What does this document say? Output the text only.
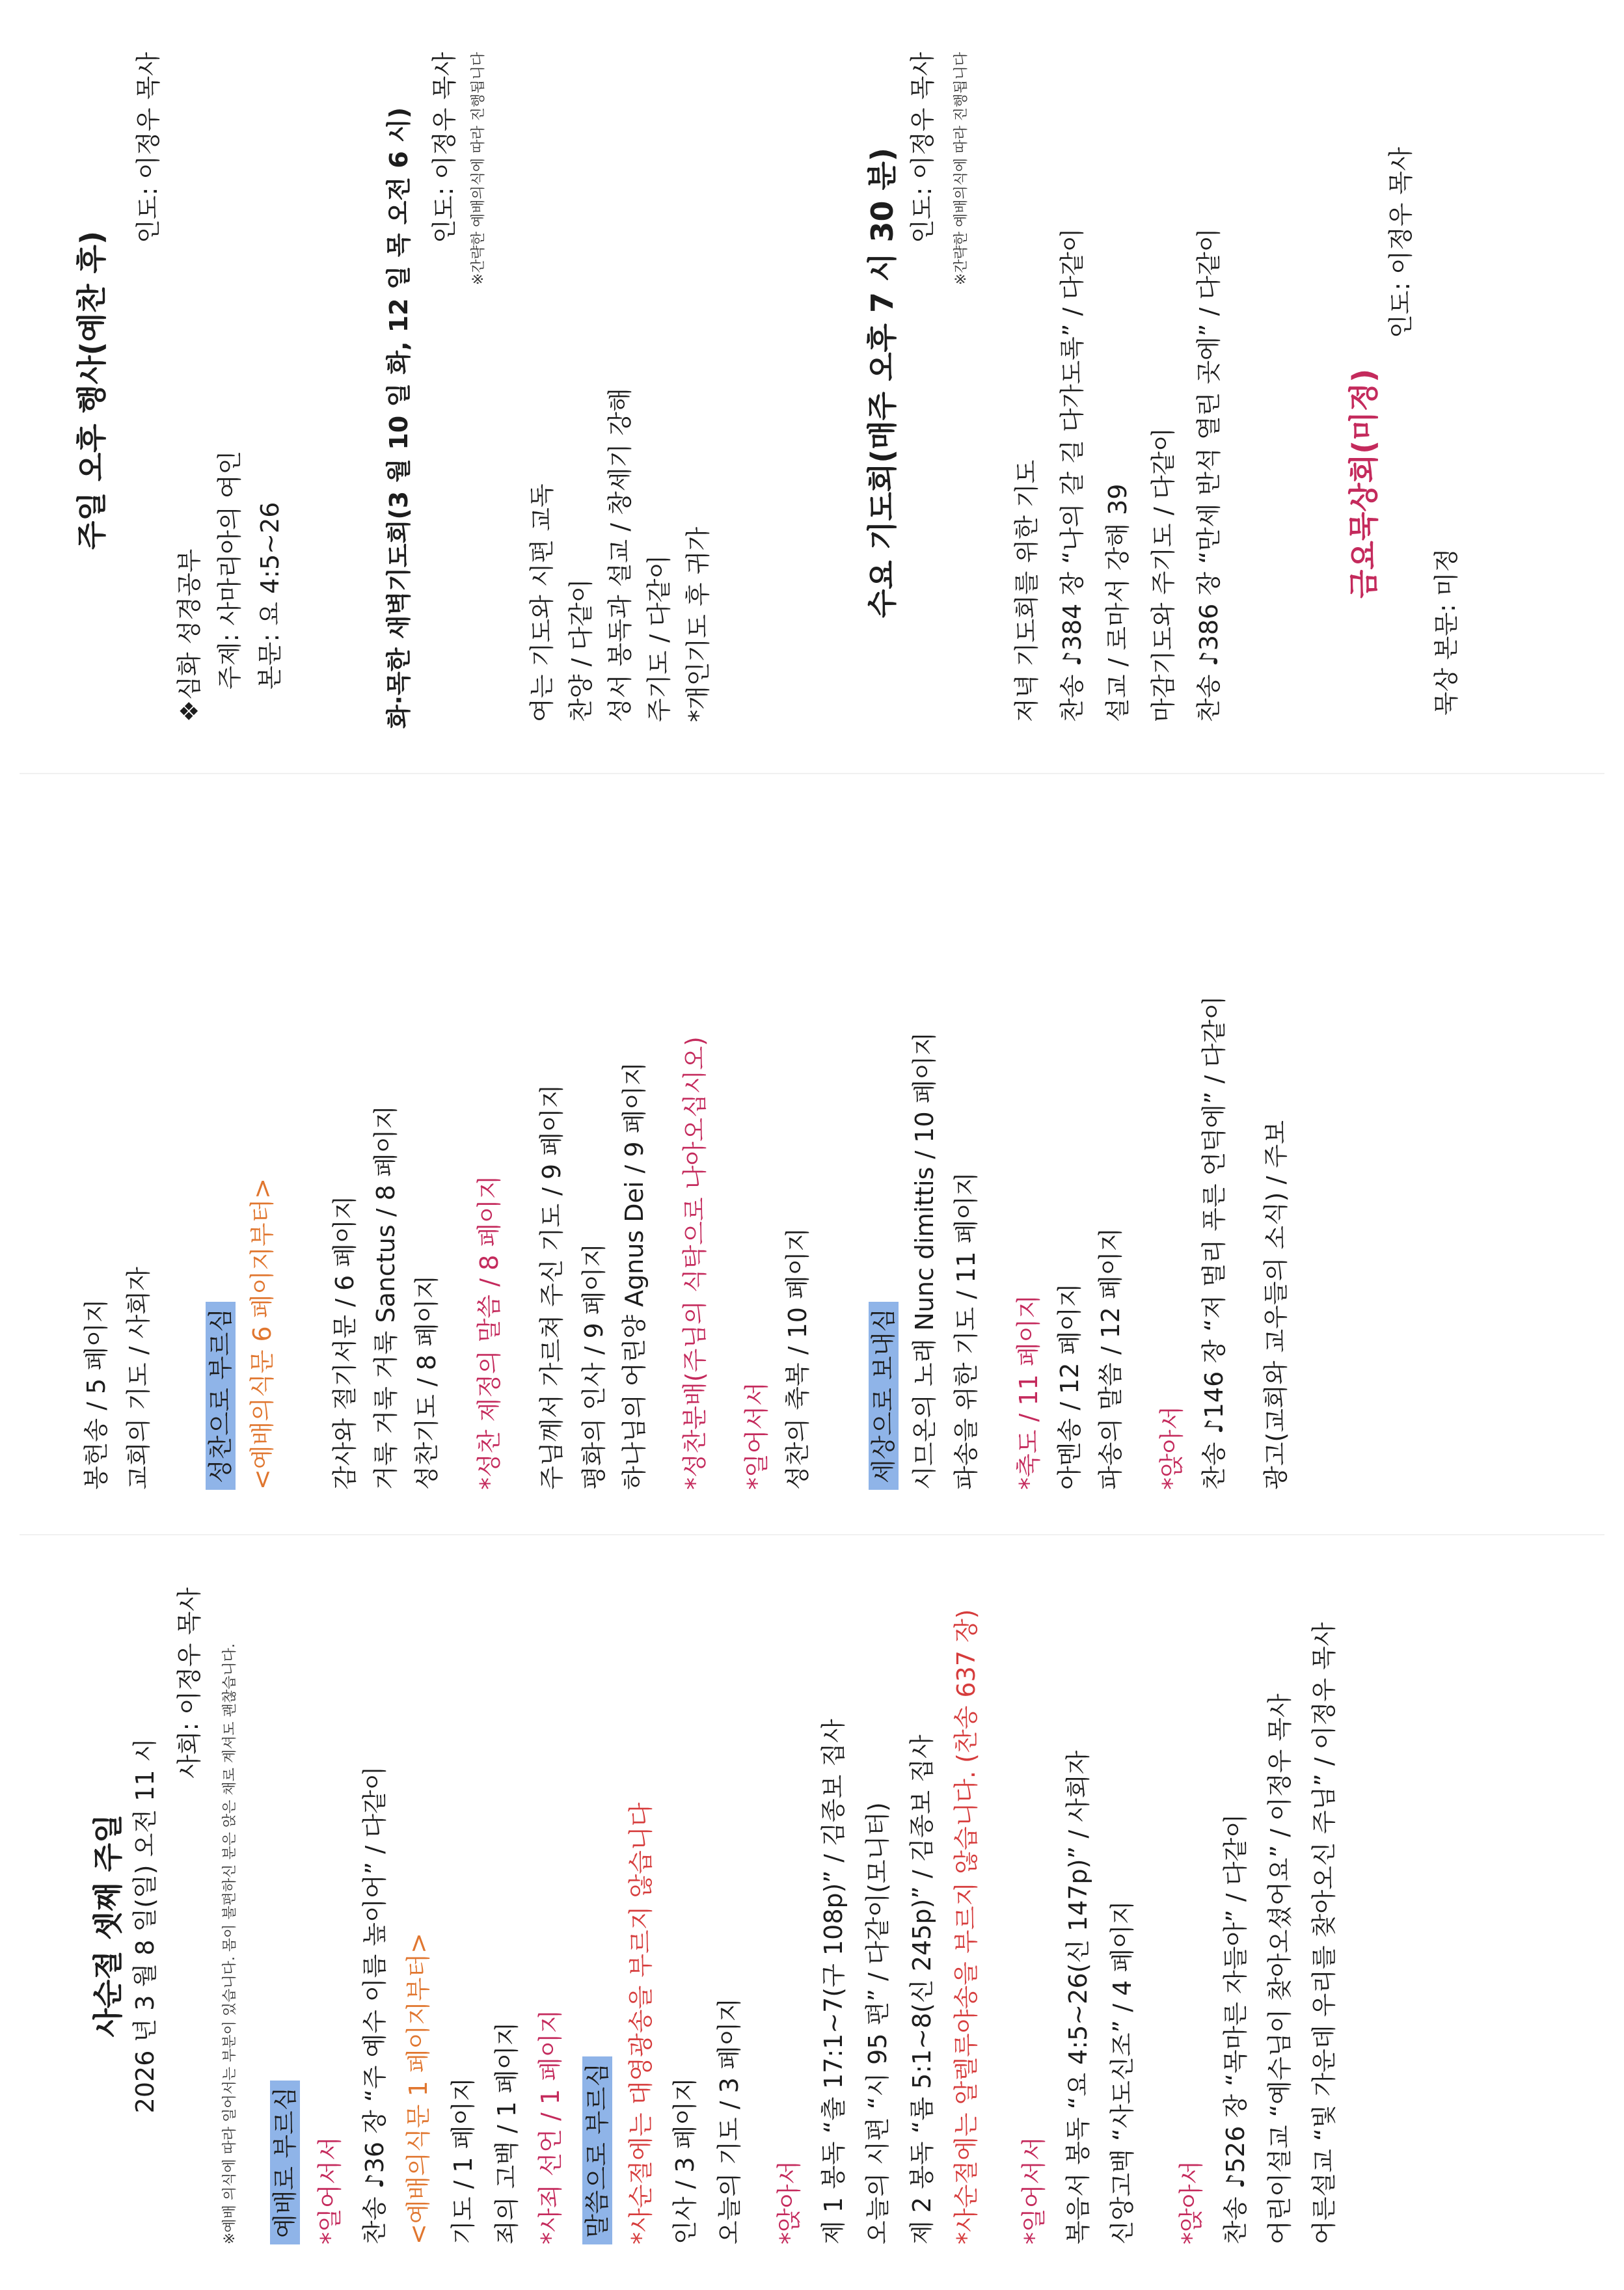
사순절 셋째 주일 2026 년 3 월 8 일(일) 오전 11 시
사회: 이정우 목사 ※예배 의식에 따라 일어서는 부분이 있습니다. 몸이 불편하신 분은 앉은 채로 계셔도 괜찮습니다. 예배로 부르심 *일어서서 찬송 ♪36 장 “주 예수 이름 높이어” / 다같이 <예배의식문 1 페이지부터> 기도 / 1 페이지 죄의 고백 / 1 페이지 *사죄 선언 / 1 페이지 말씀으로 부르심 *사순절에는 대영광송을 부르지 않습니다 인사 / 3 페이지 오늘의 기도 / 3 페이지 *앉아서 제 1 봉독 “출 17:1~7(구 108p)” / 김종보 집사 오늘의 시편 “시 95 편” / 다같이(모니터) 제 2 봉독 “롬 5:1~8(신 245p)” / 김종보 집사 *사순절에는 알렐루야송을 부르지 않습니다. (찬송 637 장) *일어서서 복음서 봉독 “요 4:5~26(신 147p)” / 사회자 신앙고백 “사도신조” / 4 페이지 *앉아서 찬송 ♪526 장 “목마른 자들아” / 다같이 어린이설교 “예수님이 찾아오셨어요” / 이정우 목사 어른설교 “빛 가운데 우리를 찾아오신 주님” / 이정우 목사
봉헌송 / 5 페이지 교회의 기도 / 사회자 성찬으로 부르심 <예배의식문 6 페이지부터> 감사와 절기서문 / 6 페이지 거룩 거룩 거룩 Sanctus / 8 페이지 성찬기도 / 8 페이지 *성찬 제정의 말씀 / 8 페이지 주님께서 가르쳐 주신 기도 / 9 페이지 평화의 인사 / 9 페이지 하나님의 어린양 Agnus Dei / 9 페이지 *성찬분배(주님의 식탁으로 나아오십시오) *일어서서 성찬의 축복 / 10 페이지 세상으로 보내심 시므온의 노래 Nunc dimittis / 10 페이지 파송을 위한 기도 / 11 페이지 *축도 / 11 페이지 아멘송 / 12 페이지 파송의 말씀 / 12 페이지 *앉아서 찬송 ♪146 장 “저 멀리 푸른 언덕에” / 다같이 광고(교회와 교우들의 소식) / 주보
주일 오후 행사(예찬 후)
인도: 이정우 목사
❖심화 성경공부 주제: 사마리아의 여인 본문: 요 4:5~26	화·목한 새벽기도회(3 월 10 일 화, 12 일 목 오전 6 시) 인도: 이정우 목사 ※간략한 예배의식에 따라 진행됩니다
여는 기도와 시편 교독 찬양 / 다같이 성서 봉독과 설교 / 창세기 강해 주기도 / 다같이 *개인기도 후 귀가
수요 기도회(매주 오후 7 시 30 분)
인도: 이정우 목사 ※간략한 예배의식에 따라 진행됩니다
저녁 기도회를 위한 기도 찬송 ♪384 장 “나의 갈 길 다가도록” / 다같이 설교 / 로마서 강해 39 마감기도와 주기도 / 다같이 찬송 ♪386 장 “만세 반석 열린 곳에” / 다같이	금요묵상회(미정)
인도: 이정우 목사
묵상 본문: 미정
